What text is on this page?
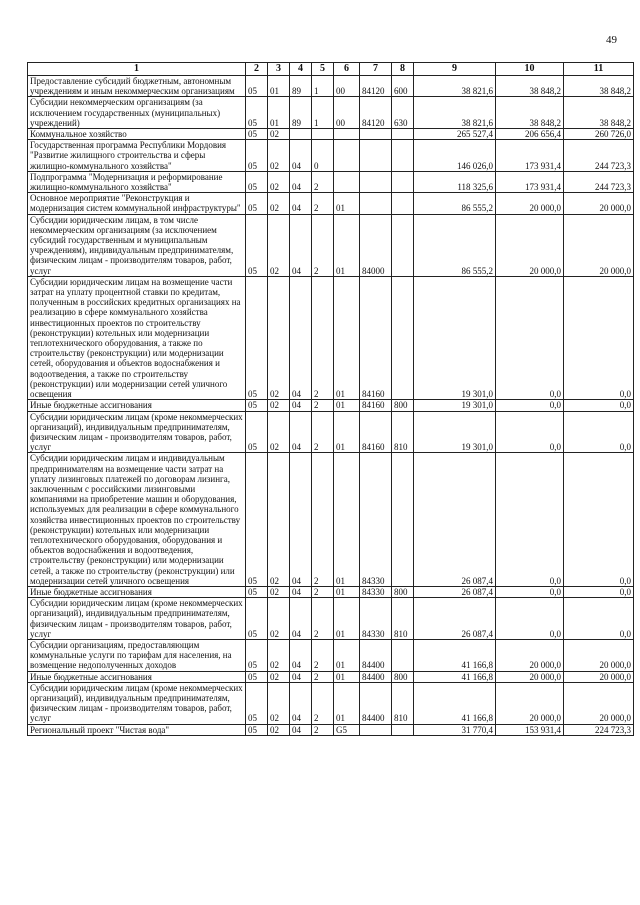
49
1	2	3	4	5	6	7	8	9	10	11
Предоставление субсидий бюджетным, автономным учреждениям и иным некоммерческим организациям	05	01	89	1	00	84120	600	38 821,6	38 848,2	38 848,2
Субсидии некоммерческим организациям (за исключением государственных (муниципальных) учреждений)	05	01	89	1	00	84120	630	38 821,6	38 848,2	38 848,2
Коммунальное хозяйство	05	02						265 527,4	206 656,4	260 726,0
Государственная программа Республики Мордовия "Развитие жилищного строительства и сферы жилищно-коммунального хозяйства"	05	02	04	0				146 026,0	173 931,4	244 723,3
Подпрограмма "Модернизация и реформирование жилищно-коммунального хозяйства"	05	02	04	2				118 325,6	173 931,4	244 723,3
Основное мероприятие "Реконструкция и модернизация систем коммунальной инфраструктуры"	05	02	04	2	01			86 555,2	20 000,0	20 000,0
Субсидии юридическим лицам, в том числе некоммерческим организациям (за исключением субсидий государственным и муниципальным учреждениям), индивидуальным предпринимателям, физическим лицам - производителям товаров, работ, услуг	05	02	04	2	01	84000		86 555,2	20 000,0	20 000,0
Субсидии юридическим лицам на возмещение части затрат на уплату процентной ставки по кредитам, полученным в российских кредитных организациях на реализацию в сфере коммунального хозяйства инвестиционных проектов по строительству (реконструкции) котельных или модернизации теплотехнического оборудования, а также по строительству (реконструкции) или модернизации сетей, оборудования и объектов водоснабжения и водоотведения, а также по строительству (реконструкции) или модернизации сетей уличного освещения	05	02	04	2	01	84160		19 301,0	0,0	0,0
Иные бюджетные ассигнования	05	02	04	2	01	84160	800	19 301,0	0,0	0,0
Субсидии юридическим лицам (кроме некоммерческих организаций), индивидуальным предпринимателям, физическим лицам - производителям товаров, работ, услуг	05	02	04	2	01	84160	810	19 301,0	0,0	0,0
Субсидии юридическим лицам и индивидуальным предпринимателям на возмещение части затрат на уплату лизинговых платежей по договорам лизинга, заключенным с российскими лизинговыми компаниями на приобретение машин и оборудования, используемых для реализации в сфере коммунального хозяйства инвестиционных проектов по строительству (реконструкции) котельных или модернизации теплотехнического оборудования, оборудования и объектов водоснабжения и водоотведения, строительству (реконструкции) или модернизации сетей, а также по строительству (реконструкции) или модернизации сетей уличного освещения	05	02	04	2	01	84330		26 087,4	0,0	0,0
Иные бюджетные ассигнования	05	02	04	2	01	84330	800	26 087,4	0,0	0,0
Субсидии юридическим лицам (кроме некоммерческих организаций), индивидуальным предпринимателям, физическим лицам - производителям товаров, работ, услуг	05	02	04	2	01	84330	810	26 087,4	0,0	0,0
Субсидии организациям, предоставляющим коммунальные услуги по тарифам для населения, на возмещение недополученных доходов	05	02	04	2	01	84400		41 166,8	20 000,0	20 000,0
Иные бюджетные ассигнования	05	02	04	2	01	84400	800	41 166,8	20 000,0	20 000,0
Субсидии юридическим лицам (кроме некоммерческих организаций), индивидуальным предпринимателям, физическим лицам - производителям товаров, работ, услуг	05	02	04	2	01	84400	810	41 166,8	20 000,0	20 000,0
Региональный проект "Чистая вода"	05	02	04	2	G5			31 770,4	153 931,4	224 723,3
